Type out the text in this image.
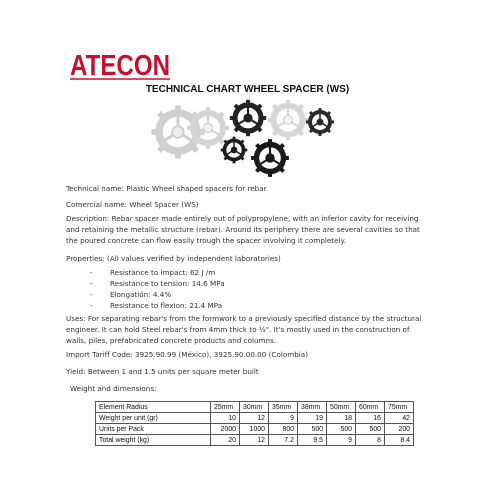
ATECON
TECHNICAL CHART WHEEL SPACER (WS)
Technical name: Plastic Wheel shaped spacers for rebar
Comercial name: Wheel Spacer (WS)
Description: Rebar spacer made entirely out of polypropylene, with an inferior cavity for receiving
and retaining the metallic structure (rebar). Around its periphery there are several cavities so that
the poured concrete can flow easily trough the spacer involving it completely.
Properties: (All values verified by independent laboratories)
-	Resistance to impact: 62 J /m
-	Resistance to tension: 14.6 MPa
-	Elongatión: 4.4%
-	Resistance to flexion: 21.4 MPa
Uses: For separating rebar's from the formwork to a previously specified distance by the structural
engineer. It can hold Steel rebar's from 4mm thick to ½". It's mostly used in the construction of
walls, piles, prefabricated concrete products and columns.
Import Tariff Code: 3925.90.99 (México), 3925.90.00.00 (Colombia)
Yield: Between 1 and 1.5 units per square meter built
Weight and dimensions:
Element Radius	25mm	30mm	35mm	38mm	50mm	60mm	75mm
Weight per unit (gr)	10	12	9	19	18	16	42
Units per Pack	2000	1000	800	500	500	500	200
Total weight (kg)	20	12	7.2	9.5	9	8	8.4
